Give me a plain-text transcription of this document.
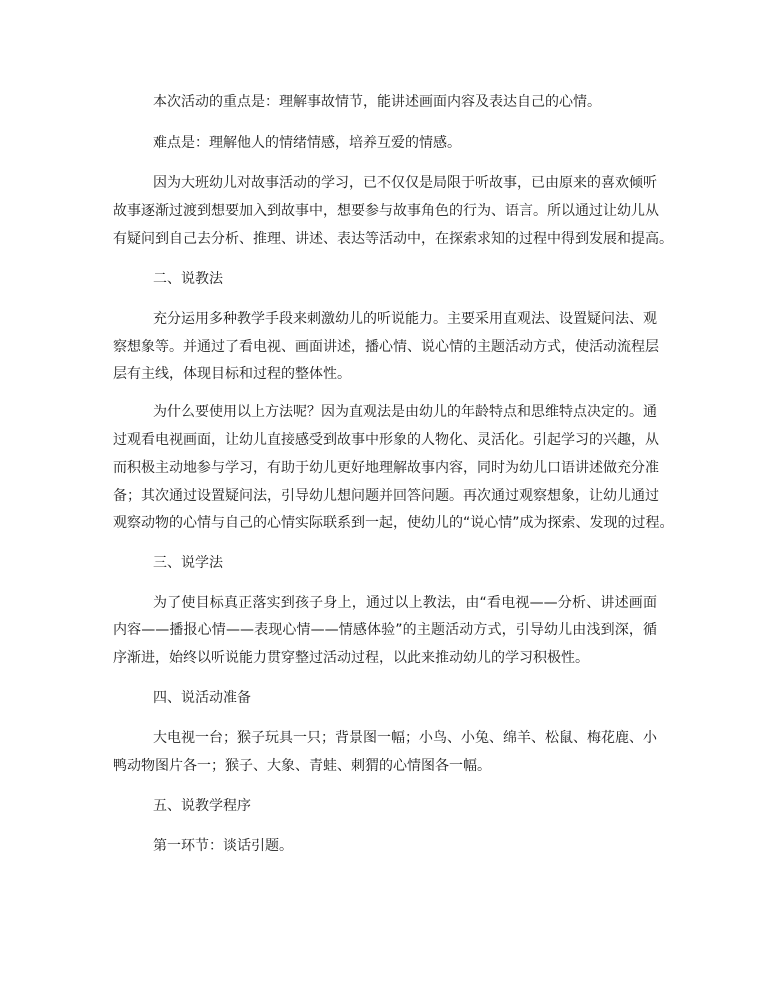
本次活动的重点是：理解事故情节，能讲述画面内容及表达自己的心情。
难点是：理解他人的情绪情感，培养互爱的情感。
因为大班幼儿对故事活动的学习，已不仅仅是局限于听故事，已由原来的喜欢倾听
故事逐渐过渡到想要加入到故事中，想要参与故事角色的行为、语言。所以通过让幼儿从
有疑问到自己去分析、推理、讲述、表达等活动中，在探索求知的过程中得到发展和提高。
二、说教法
充分运用多种教学手段来刺激幼儿的听说能力。主要采用直观法、设置疑问法、观
察想象等。并通过了看电视、画面讲述，播心情、说心情的主题活动方式，使活动流程层
层有主线，体现目标和过程的整体性。
为什么要使用以上方法呢？因为直观法是由幼儿的年龄特点和思维特点决定的。通
过观看电视画面，让幼儿直接感受到故事中形象的人物化、灵活化。引起学习的兴趣，从
而积极主动地参与学习，有助于幼儿更好地理解故事内容，同时为幼儿口语讲述做充分准
备；其次通过设置疑问法，引导幼儿想问题并回答问题。再次通过观察想象，让幼儿通过
观察动物的心情与自己的心情实际联系到一起，使幼儿的“说心情”成为探索、发现的过程。
三、说学法
为了使目标真正落实到孩子身上，通过以上教法，由“看电视——分析、讲述画面
内容——播报心情——表现心情——情感体验”的主题活动方式，引导幼儿由浅到深，循
序渐进，始终以听说能力贯穿整过活动过程，以此来推动幼儿的学习积极性。
四、说活动准备
大电视一台；猴子玩具一只；背景图一幅；小鸟、小兔、绵羊、松鼠、梅花鹿、小
鸭动物图片各一；猴子、大象、青蛙、刺猬的心情图各一幅。
五、说教学程序
第一环节：谈话引题。
